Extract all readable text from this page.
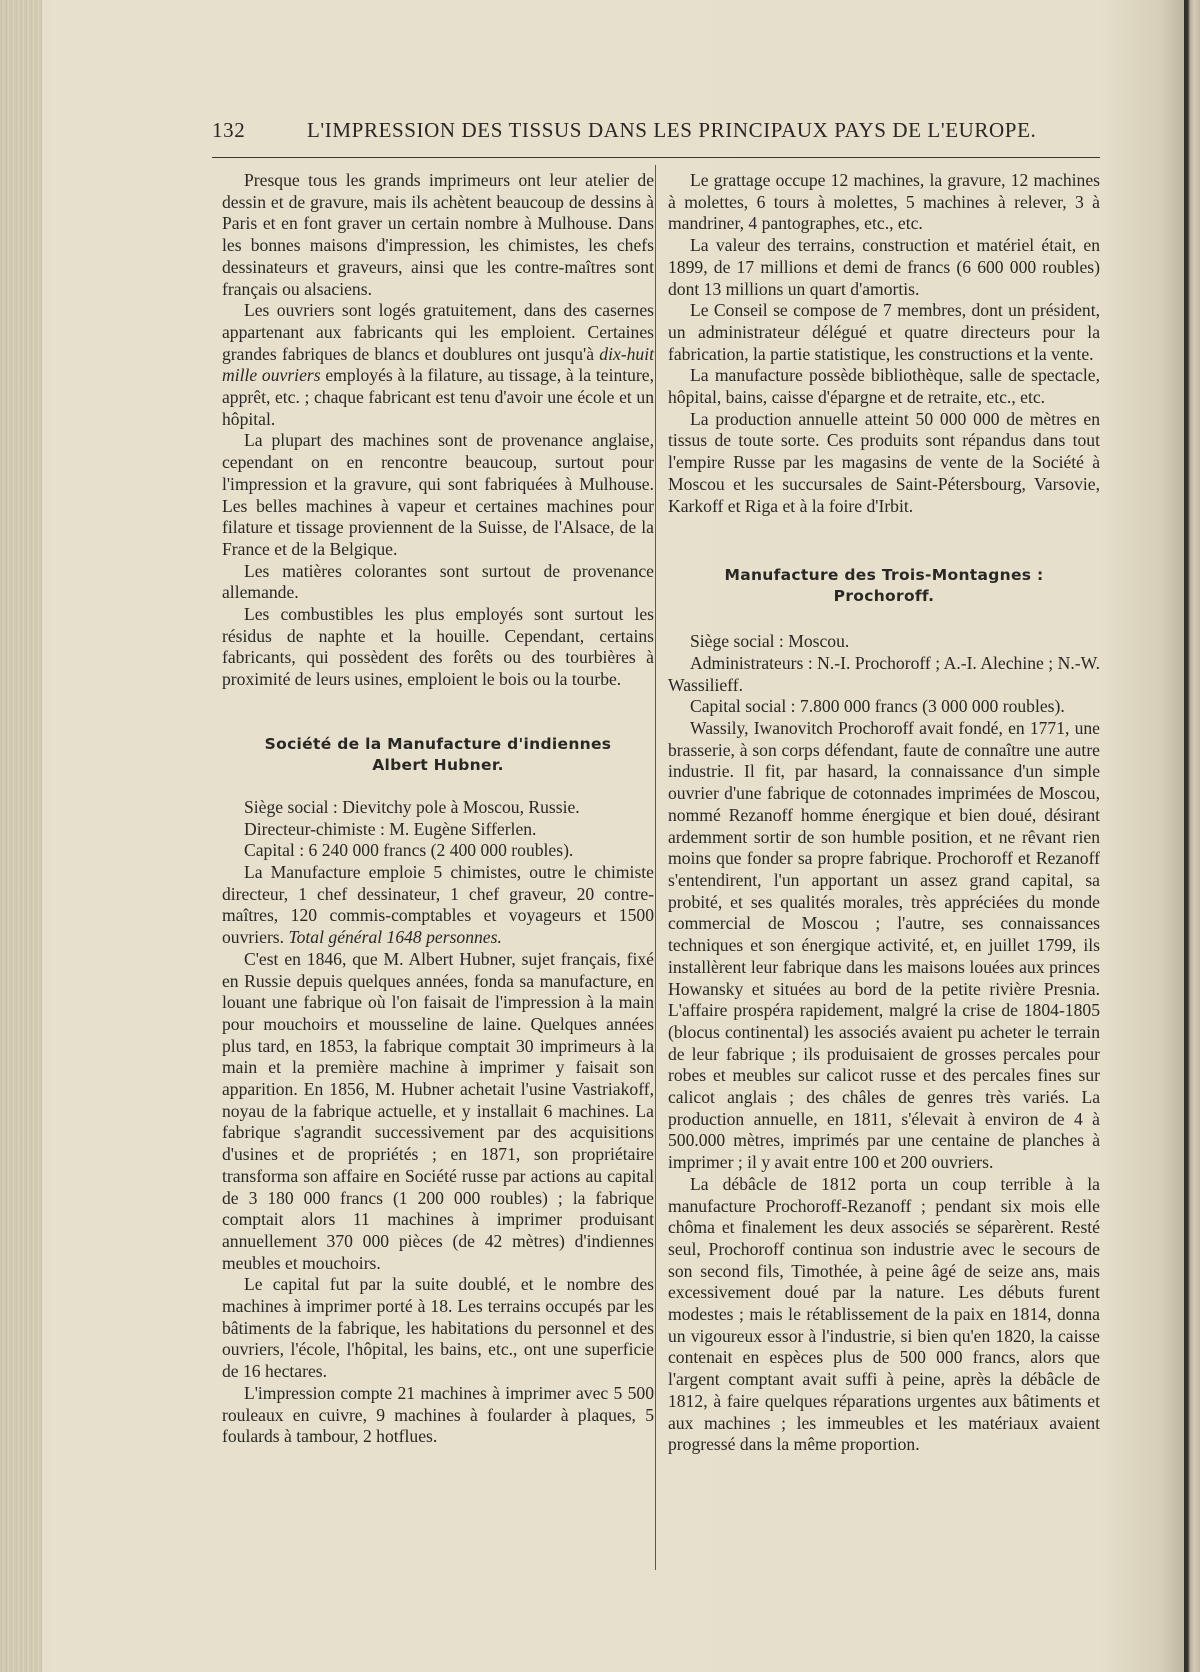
132	L'IMPRESSION DES TISSUS DANS LES PRINCIPAUX PAYS DE L'EUROPE.

Presque tous les grands imprimeurs ont leur atelier de dessin et de gravure, mais ils achètent beaucoup de dessins à Paris et en font graver un certain nombre à Mulhouse. Dans les bonnes maisons d'impression, les chimistes, les chefs dessinateurs et graveurs, ainsi que les contre-maîtres sont français ou alsaciens.

Les ouvriers sont logés gratuitement, dans des casernes appartenant aux fabricants qui les emploient. Certaines grandes fabriques de blancs et doublures ont jusqu'à dix-huit mille ouvriers employés à la filature, au tissage, à la teinture, apprêt, etc. ; chaque fabricant est tenu d'avoir une école et un hôpital.

La plupart des machines sont de provenance anglaise, cependant on en rencontre beaucoup, surtout pour l'impression et la gravure, qui sont fabriquées à Mulhouse. Les belles machines à vapeur et certaines machines pour filature et tissage proviennent de la Suisse, de l'Alsace, de la France et de la Belgique.

Les matières colorantes sont surtout de provenance allemande.

Les combustibles les plus employés sont surtout les résidus de naphte et la houille. Cependant, certains fabricants, qui possèdent des forêts ou des tourbières à proximité de leurs usines, emploient le bois ou la tourbe.

Société de la Manufacture d'indiennes
Albert Hubner.

Siège social : Dievitchy pole à Moscou, Russie.

Directeur-chimiste : M. Eugène Sifferlen.

Capital : 6 240 000 francs (2 400 000 roubles).

La Manufacture emploie 5 chimistes, outre le chimiste directeur, 1 chef dessinateur, 1 chef graveur, 20 contre-maîtres, 120 commis-comptables et voyageurs et 1500 ouvriers. Total général 1648 personnes.

C'est en 1846, que M. Albert Hubner, sujet français, fixé en Russie depuis quelques années, fonda sa manufacture, en louant une fabrique où l'on faisait de l'impression à la main pour mouchoirs et mousseline de laine. Quelques années plus tard, en 1853, la fabrique comptait 30 imprimeurs à la main et la première machine à imprimer y faisait son apparition. En 1856, M. Hubner achetait l'usine Vastriakoff, noyau de la fabrique actuelle, et y installait 6 machines. La fabrique s'agrandit successivement par des acquisitions d'usines et de propriétés ; en 1871, son propriétaire transforma son affaire en Société russe par actions au capital de 3 180 000 francs (1 200 000 roubles) ; la fabrique comptait alors 11 machines à imprimer produisant annuellement 370 000 pièces (de 42 mètres) d'indiennes meubles et mouchoirs.

Le capital fut par la suite doublé, et le nombre des machines à imprimer porté à 18. Les terrains occupés par les bâtiments de la fabrique, les habitations du personnel et des ouvriers, l'école, l'hôpital, les bains, etc., ont une superficie de 16 hectares.

L'impression compte 21 machines à imprimer avec 5 500 rouleaux en cuivre, 9 machines à foularder à plaques, 5 foulards à tambour, 2 hotflues.

Le grattage occupe 12 machines, la gravure, 12 machines à molettes, 6 tours à molettes, 5 machines à relever, 3 à mandriner, 4 pantographes, etc., etc.

La valeur des terrains, construction et matériel était, en 1899, de 17 millions et demi de francs (6 600 000 roubles) dont 13 millions un quart d'amortis.

Le Conseil se compose de 7 membres, dont un président, un administrateur délégué et quatre directeurs pour la fabrication, la partie statistique, les constructions et la vente.

La manufacture possède bibliothèque, salle de spectacle, hôpital, bains, caisse d'épargne et de retraite, etc., etc.

La production annuelle atteint 50 000 000 de mètres en tissus de toute sorte. Ces produits sont répandus dans tout l'empire Russe par les magasins de vente de la Société à Moscou et les succursales de Saint-Pétersbourg, Varsovie, Karkoff et Riga et à la foire d'Irbit.

Manufacture des Trois-Montagnes :
Prochoroff.

Siège social : Moscou.

Administrateurs : N.-I. Prochoroff ; A.-I. Alechine ; N.-W. Wassilieff.

Capital social : 7.800 000 francs (3 000 000 roubles).

Wassily, Iwanovitch Prochoroff avait fondé, en 1771, une brasserie, à son corps défendant, faute de connaître une autre industrie. Il fit, par hasard, la connaissance d'un simple ouvrier d'une fabrique de cotonnades imprimées de Moscou, nommé Rezanoff homme énergique et bien doué, désirant ardemment sortir de son humble position, et ne rêvant rien moins que fonder sa propre fabrique. Prochoroff et Rezanoff s'entendirent, l'un apportant un assez grand capital, sa probité, et ses qualités morales, très appréciées du monde commercial de Moscou ; l'autre, ses connaissances techniques et son énergique activité, et, en juillet 1799, ils installèrent leur fabrique dans les maisons louées aux princes Howansky et situées au bord de la petite rivière Presnia. L'affaire prospéra rapidement, malgré la crise de 1804-1805 (blocus continental) les associés avaient pu acheter le terrain de leur fabrique ; ils produisaient de grosses percales pour robes et meubles sur calicot russe et des percales fines sur calicot anglais ; des châles de genres très variés. La production annuelle, en 1811, s'élevait à environ de 4 à 500.000 mètres, imprimés par une centaine de planches à imprimer ; il y avait entre 100 et 200 ouvriers.

La débâcle de 1812 porta un coup terrible à la manufacture Prochoroff-Rezanoff ; pendant six mois elle chôma et finalement les deux associés se séparèrent. Resté seul, Prochoroff continua son industrie avec le secours de son second fils, Timothée, à peine âgé de seize ans, mais excessivement doué par la nature. Les débuts furent modestes ; mais le rétablissement de la paix en 1814, donna un vigoureux essor à l'industrie, si bien qu'en 1820, la caisse contenait en espèces plus de 500 000 francs, alors que l'argent comptant avait suffi à peine, après la débâcle de 1812, à faire quelques réparations urgentes aux bâtiments et aux machines ; les immeubles et les matériaux avaient progressé dans la même proportion.
